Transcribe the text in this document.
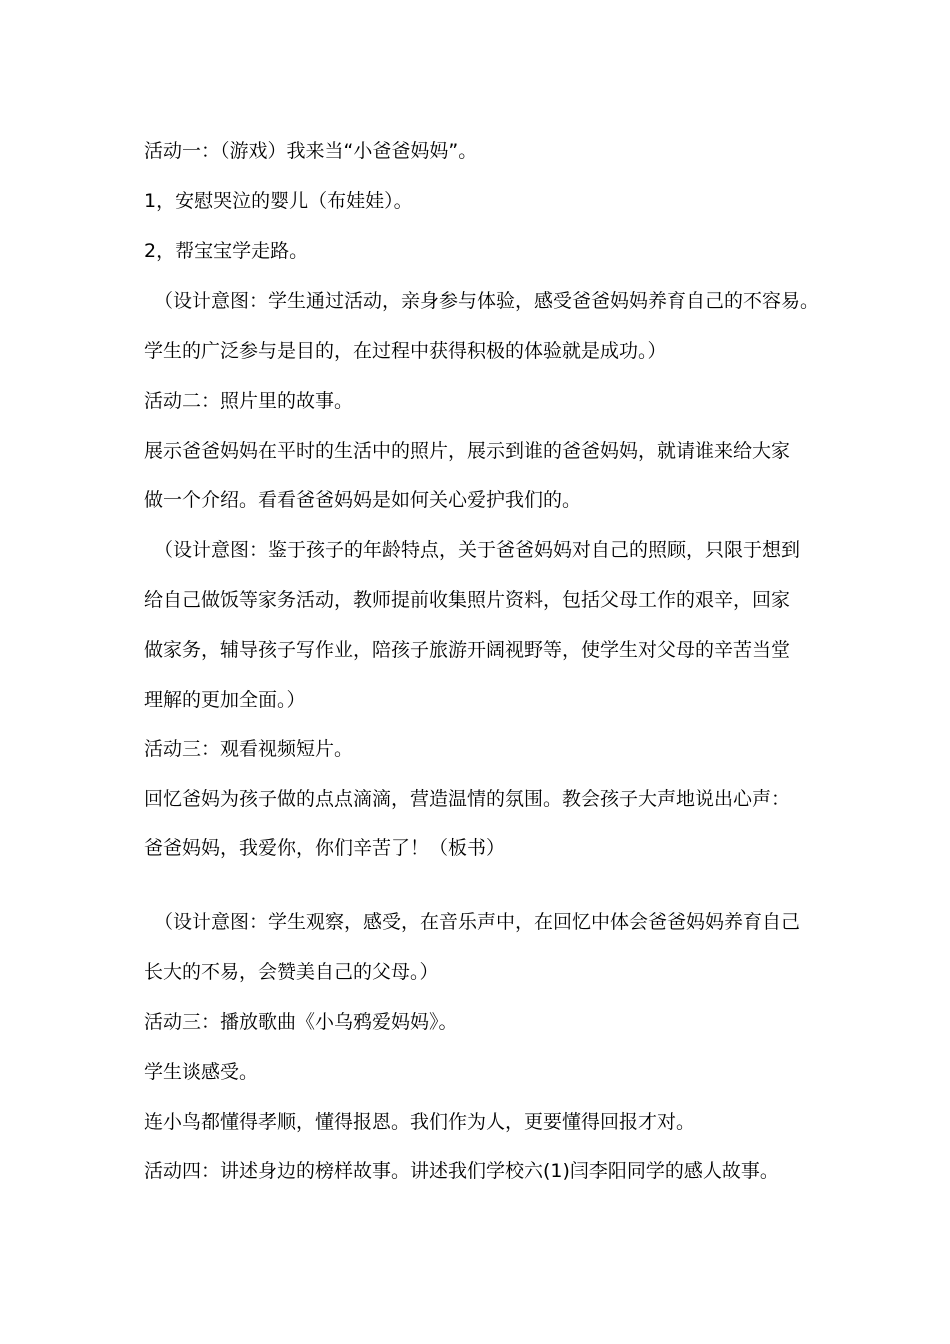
活动一：（游戏）我来当“小爸爸妈妈”。
1，安慰哭泣的婴儿（布娃娃）。
2，帮宝宝学走路。
（设计意图：学生通过活动，亲身参与体验，感受爸爸妈妈养育自己的不容易。
学生的广泛参与是目的，在过程中获得积极的体验就是成功。）
活动二：照片里的故事。
展示爸爸妈妈在平时的生活中的照片，展示到谁的爸爸妈妈，就请谁来给大家
做一个介绍。看看爸爸妈妈是如何关心爱护我们的。
（设计意图：鉴于孩子的年龄特点，关于爸爸妈妈对自己的照顾，只限于想到
给自己做饭等家务活动，教师提前收集照片资料，包括父母工作的艰辛，回家
做家务，辅导孩子写作业，陪孩子旅游开阔视野等，使学生对父母的辛苦当堂
理解的更加全面。）
活动三：观看视频短片。
回忆爸妈为孩子做的点点滴滴，营造温情的氛围。教会孩子大声地说出心声：
爸爸妈妈，我爱你，你们辛苦了！（板书）
（设计意图：学生观察，感受，在音乐声中，在回忆中体会爸爸妈妈养育自己
长大的不易，会赞美自己的父母。）
活动三：播放歌曲《小乌鸦爱妈妈》。
学生谈感受。
连小鸟都懂得孝顺，懂得报恩。我们作为人，更要懂得回报才对。
活动四：讲述身边的榜样故事。讲述我们学校六(1)闫李阳同学的感人故事。
